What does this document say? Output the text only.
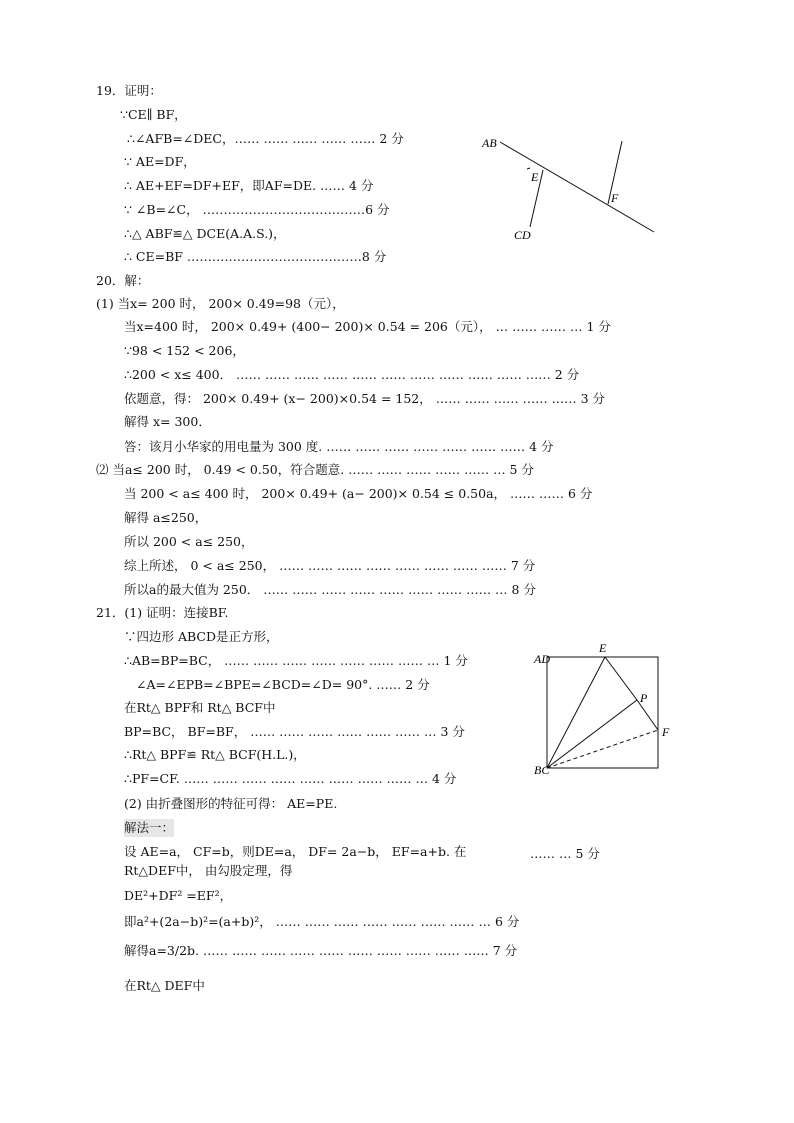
19．证明：
∵CE∥ BF，
∴∠AFB=∠DEC，…… …… …… …… …… 2 分
∵ AE=DF，
∴ AE+EF=DF+EF，即AF=DE. …… 4 分
∵ ∠B=∠C， …………………………………6 分
∴△ ABF≌△ DCE(A.A.S.)，
∴ CE=BF ……………………………………8 分
20．解：
(1) 当x= 200 时， 200× 0.49=98（元），
当x=400 时， 200× 0.49+ (400− 200)× 0.54 = 206（元）， … …… …… … 1 分
∵98 < 152 < 206，
∴200 < x≤ 400． …… …… …… …… …… …… …… …… …… …… …… 2 分
依题意，得： 200× 0.49+ (x− 200)×0.54 = 152， …… …… …… …… …… 3 分
解得 x= 300．
答：该月小华家的用电量为 300 度. …… …… …… …… …… …… …… 4 分
⑵ 当a≤ 200 时， 0.49 < 0.50，符合题意. …… …… …… …… …… … 5 分
当 200 < a≤ 400 时， 200× 0.49+ (a− 200)× 0.54 ≤ 0.50a， …… …… 6 分
解得 a≤250，
所以 200 < a≤ 250，
综上所述， 0 < a≤ 250， …… …… …… …… …… …… …… …… 7 分
所以a的最大值为 250． …… …… …… …… …… …… …… …… … 8 分
21．(1) 证明：连接BF.
∵四边形 ABCD是正方形，
∴AB=BP=BC， …… …… …… …… …… …… …… … 1 分
∠A=∠EPB=∠BPE=∠BCD=∠D= 90°. …… 2 分
在Rt△ BPF和 Rt△ BCF中
BP=BC， BF=BF， …… …… …… …… …… …… … 3 分
∴Rt△ BPF≌ Rt△ BCF(H.L.)，
∴PF=CF. …… …… …… …… …… …… …… …… … 4 分
(2) 由折叠图形的特征可得： AE=PE.
解法一：
设 AE=a， CF=b，则DE=a， DF= 2a−b， EF=a+b. 在	…… … 5 分
Rt△DEF中， 由勾股定理，得
DE²+DF² =EF²，
即a²+(2a−b)²=(a+b)²， …… …… …… …… …… …… …… … 6 分
解得a=3/2b. …… …… …… …… …… …… …… …… …… …… 7 分
在Rt△ DEF中
AB
E
F
CD
AD
E
P
F
BC
